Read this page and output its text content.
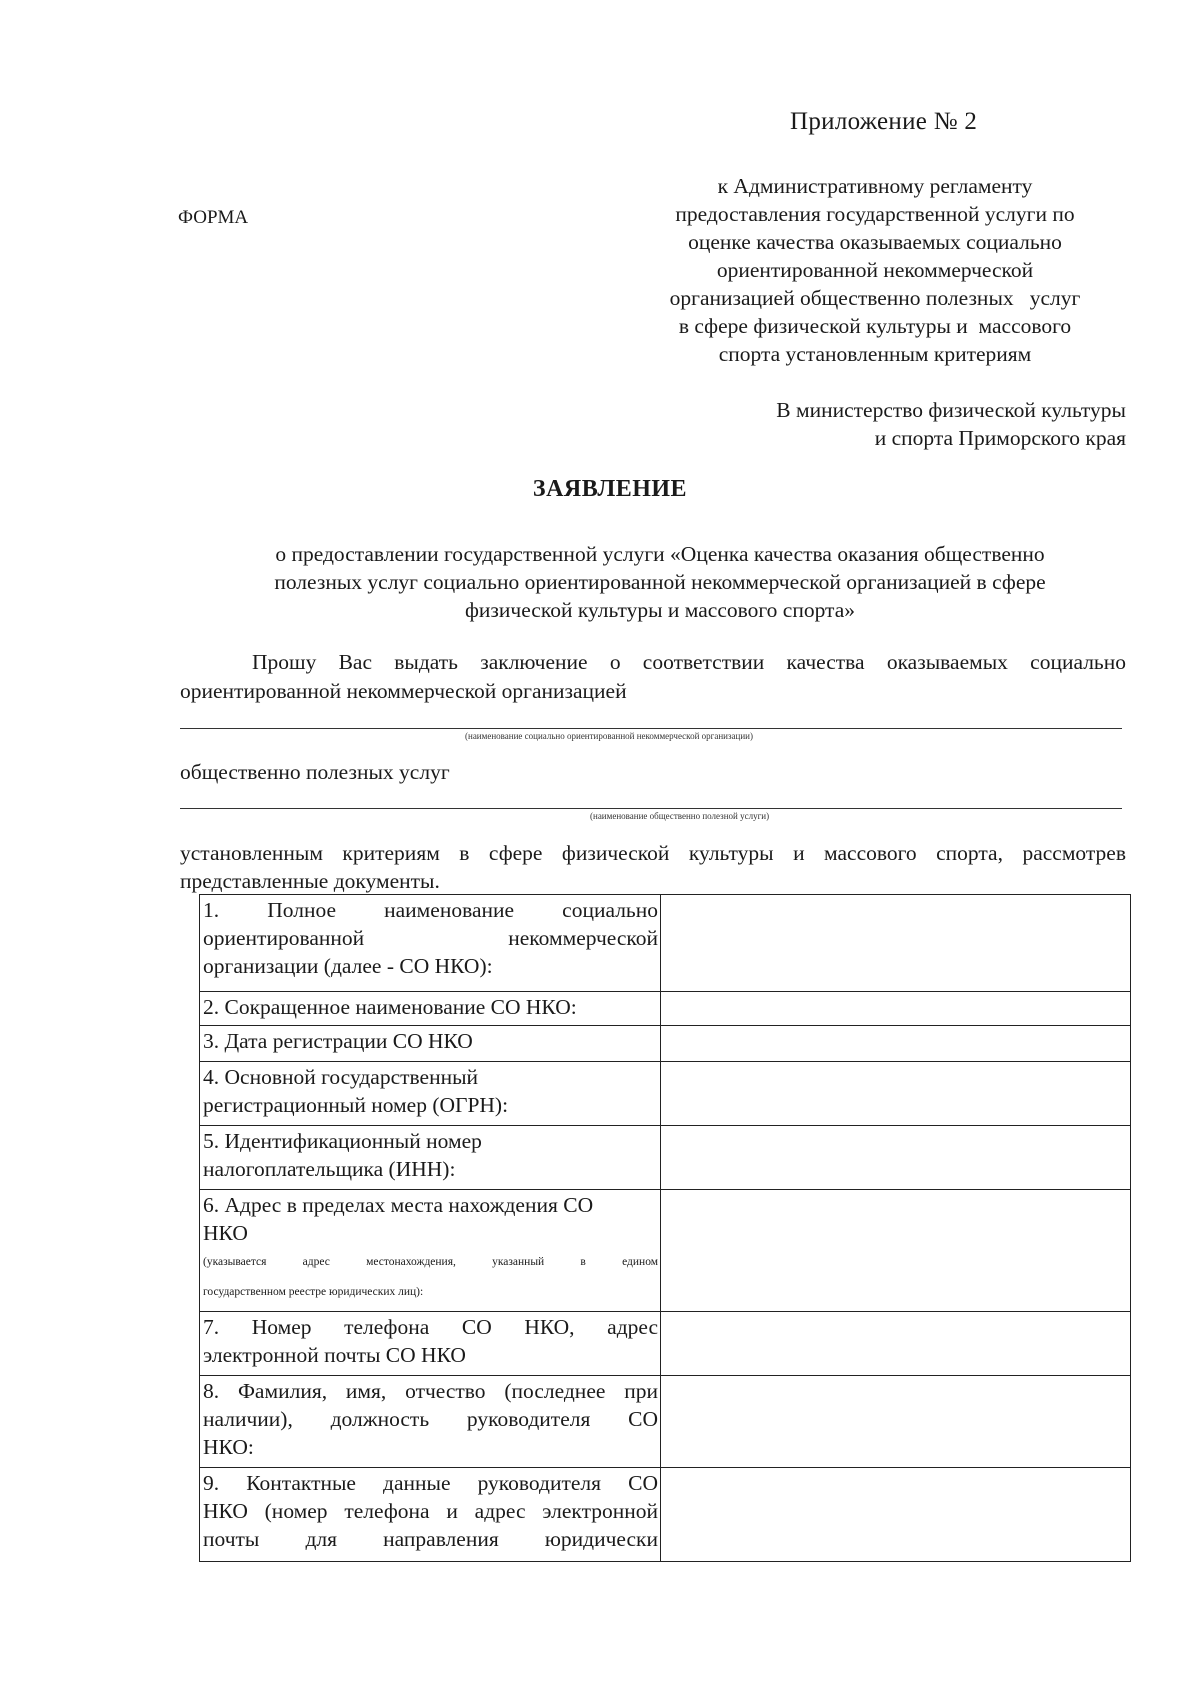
Приложение № 2
ФОРМА
к Административному регламенту
предоставления государственной услуги по
оценке качества оказываемых социально
ориентированной некоммерческой
организацией общественно полезных   услуг
в сфере физической культуры и  массового
спорта установленным критериям
В министерство физической культуры
и спорта Приморского края
ЗАЯВЛЕНИЕ
о предоставлении государственной услуги «Оценка качества оказания общественно
полезных услуг социально ориентированной некоммерческой организацией в сфере
физической культуры и массового спорта»
Прошу Вас выдать заключение о соответствии качества оказываемых социально
ориентированной некоммерческой организацией
(наименование социально ориентированной некоммерческой организации)
общественно полезных услуг
(наименование общественно полезной услуги)
установленным критериям в сфере физической культуры и массового спорта, рассмотрев
представленные документы.
1. Полное наименование социально
ориентированной некоммерческой
организации (далее - СО НКО):	

2. Сокращенное наименование СО НКО:	

3. Дата регистрации СО НКО	

4. Основной государственный
регистрационный номер (ОГРН):	

5. Идентификационный номер
налогоплательщика (ИНН):	

6. Адрес в пределах места нахождения СО
НКО
(указывается адрес местонахождения, указанный в едином
государственном реестре юридических лиц):	

7. Номер телефона СО НКО, адрес
электронной почты СО НКО	

8. Фамилия, имя, отчество (последнее при
наличии), должность руководителя СО
НКО:	

9. Контактные данные руководителя СО
НКО (номер телефона и адрес электронной
почты для направления юридически	
